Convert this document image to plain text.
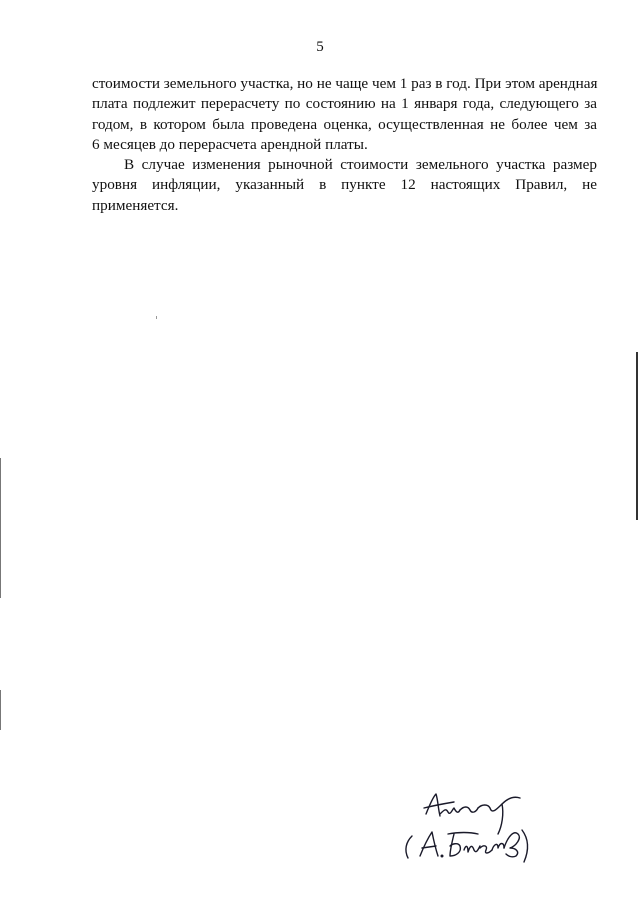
5
стоимости земельного участка, но не чаще чем 1 раз в год. При этом арендная
плата подлежит перерасчету по состоянию на 1 января года, следующего за
годом, в котором была проведена оценка, осуществленная не более чем за
6 месяцев до перерасчета арендной платы.
В случае изменения рыночной стоимости земельного участка размер
уровня инфляции, указанный в пункте 12 настоящих Правил, не
применяется.
